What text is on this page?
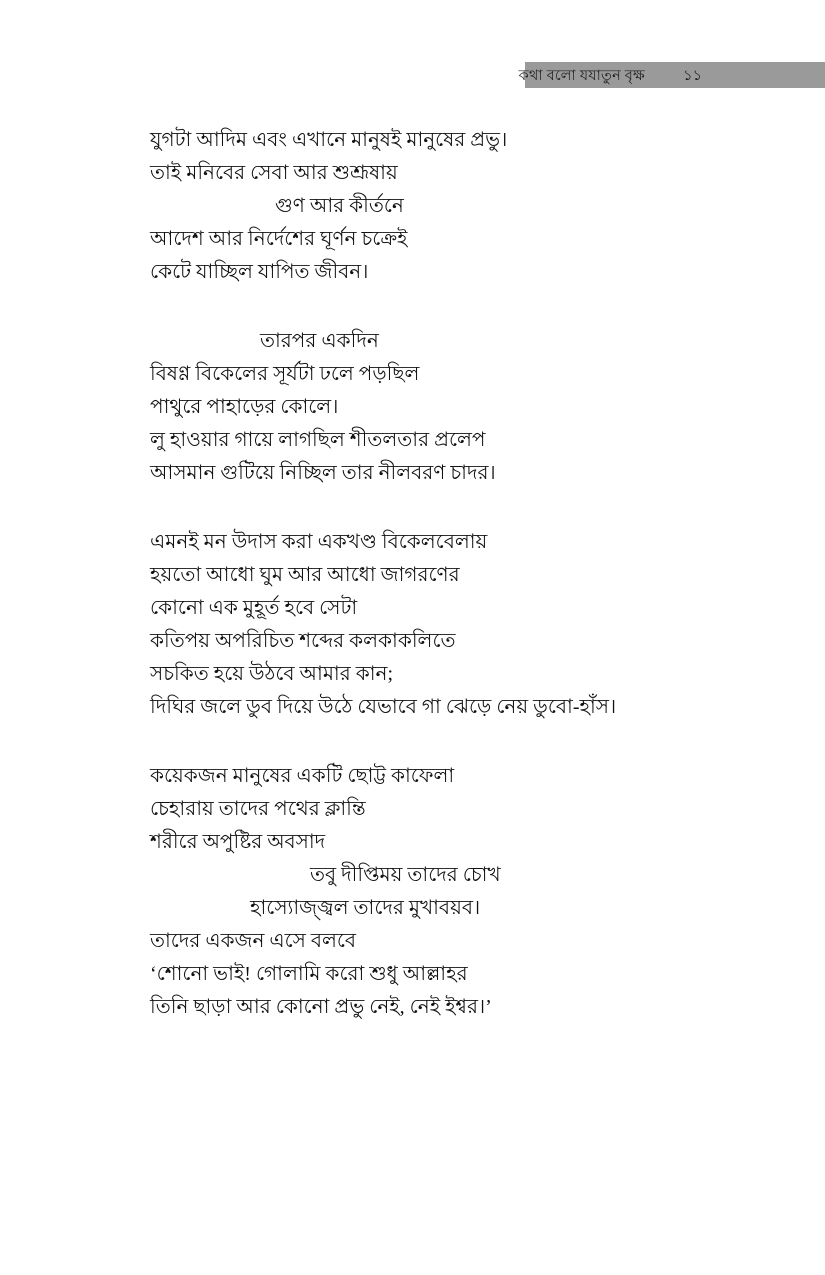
কথা বলো যযাতুন বৃক্ষ	১১
যুগটা আদিম এবং এখানে মানুষই মানুষের প্রভু।
তাই মনিবের সেবা আর শুশ্রূষায়
গুণ আর কীর্তনে
আদেশ আর নির্দেশের ঘূর্ণন চক্রেই
কেটে যাচ্ছিল যাপিত জীবন।
তারপর একদিন
বিষণ্ণ বিকেলের সূর্যটা ঢলে পড়ছিল
পাথুরে পাহাড়ের কোলে।
লু হাওয়ার গায়ে লাগছিল শীতলতার প্রলেপ
আসমান গুটিয়ে নিচ্ছিল তার নীলবরণ চাদর।
এমনই মন উদাস করা একখণ্ড বিকেলবেলায়
হয়তো আধো ঘুম আর আধো জাগরণের
কোনো এক মুহূর্ত হবে সেটা
কতিপয় অপরিচিত শব্দের কলকাকলিতে
সচকিত হয়ে উঠবে আমার কান;
দিঘির জলে ডুব দিয়ে উঠে যেভাবে গা ঝেড়ে নেয় ডুবো-হাঁস।
কয়েকজন মানুষের একটি ছোট্ট কাফেলা
চেহারায় তাদের পথের ক্লান্তি
শরীরে অপুষ্টির অবসাদ
তবু দীপ্তিময় তাদের চোখ
হাস্যোজ্জ্বল তাদের মুখাবয়ব।
তাদের একজন এসে বলবে
‘শোনো ভাই! গোলামি করো শুধু আল্লাহর
তিনি ছাড়া আর কোনো প্রভু নেই, নেই ইশ্বর।’
